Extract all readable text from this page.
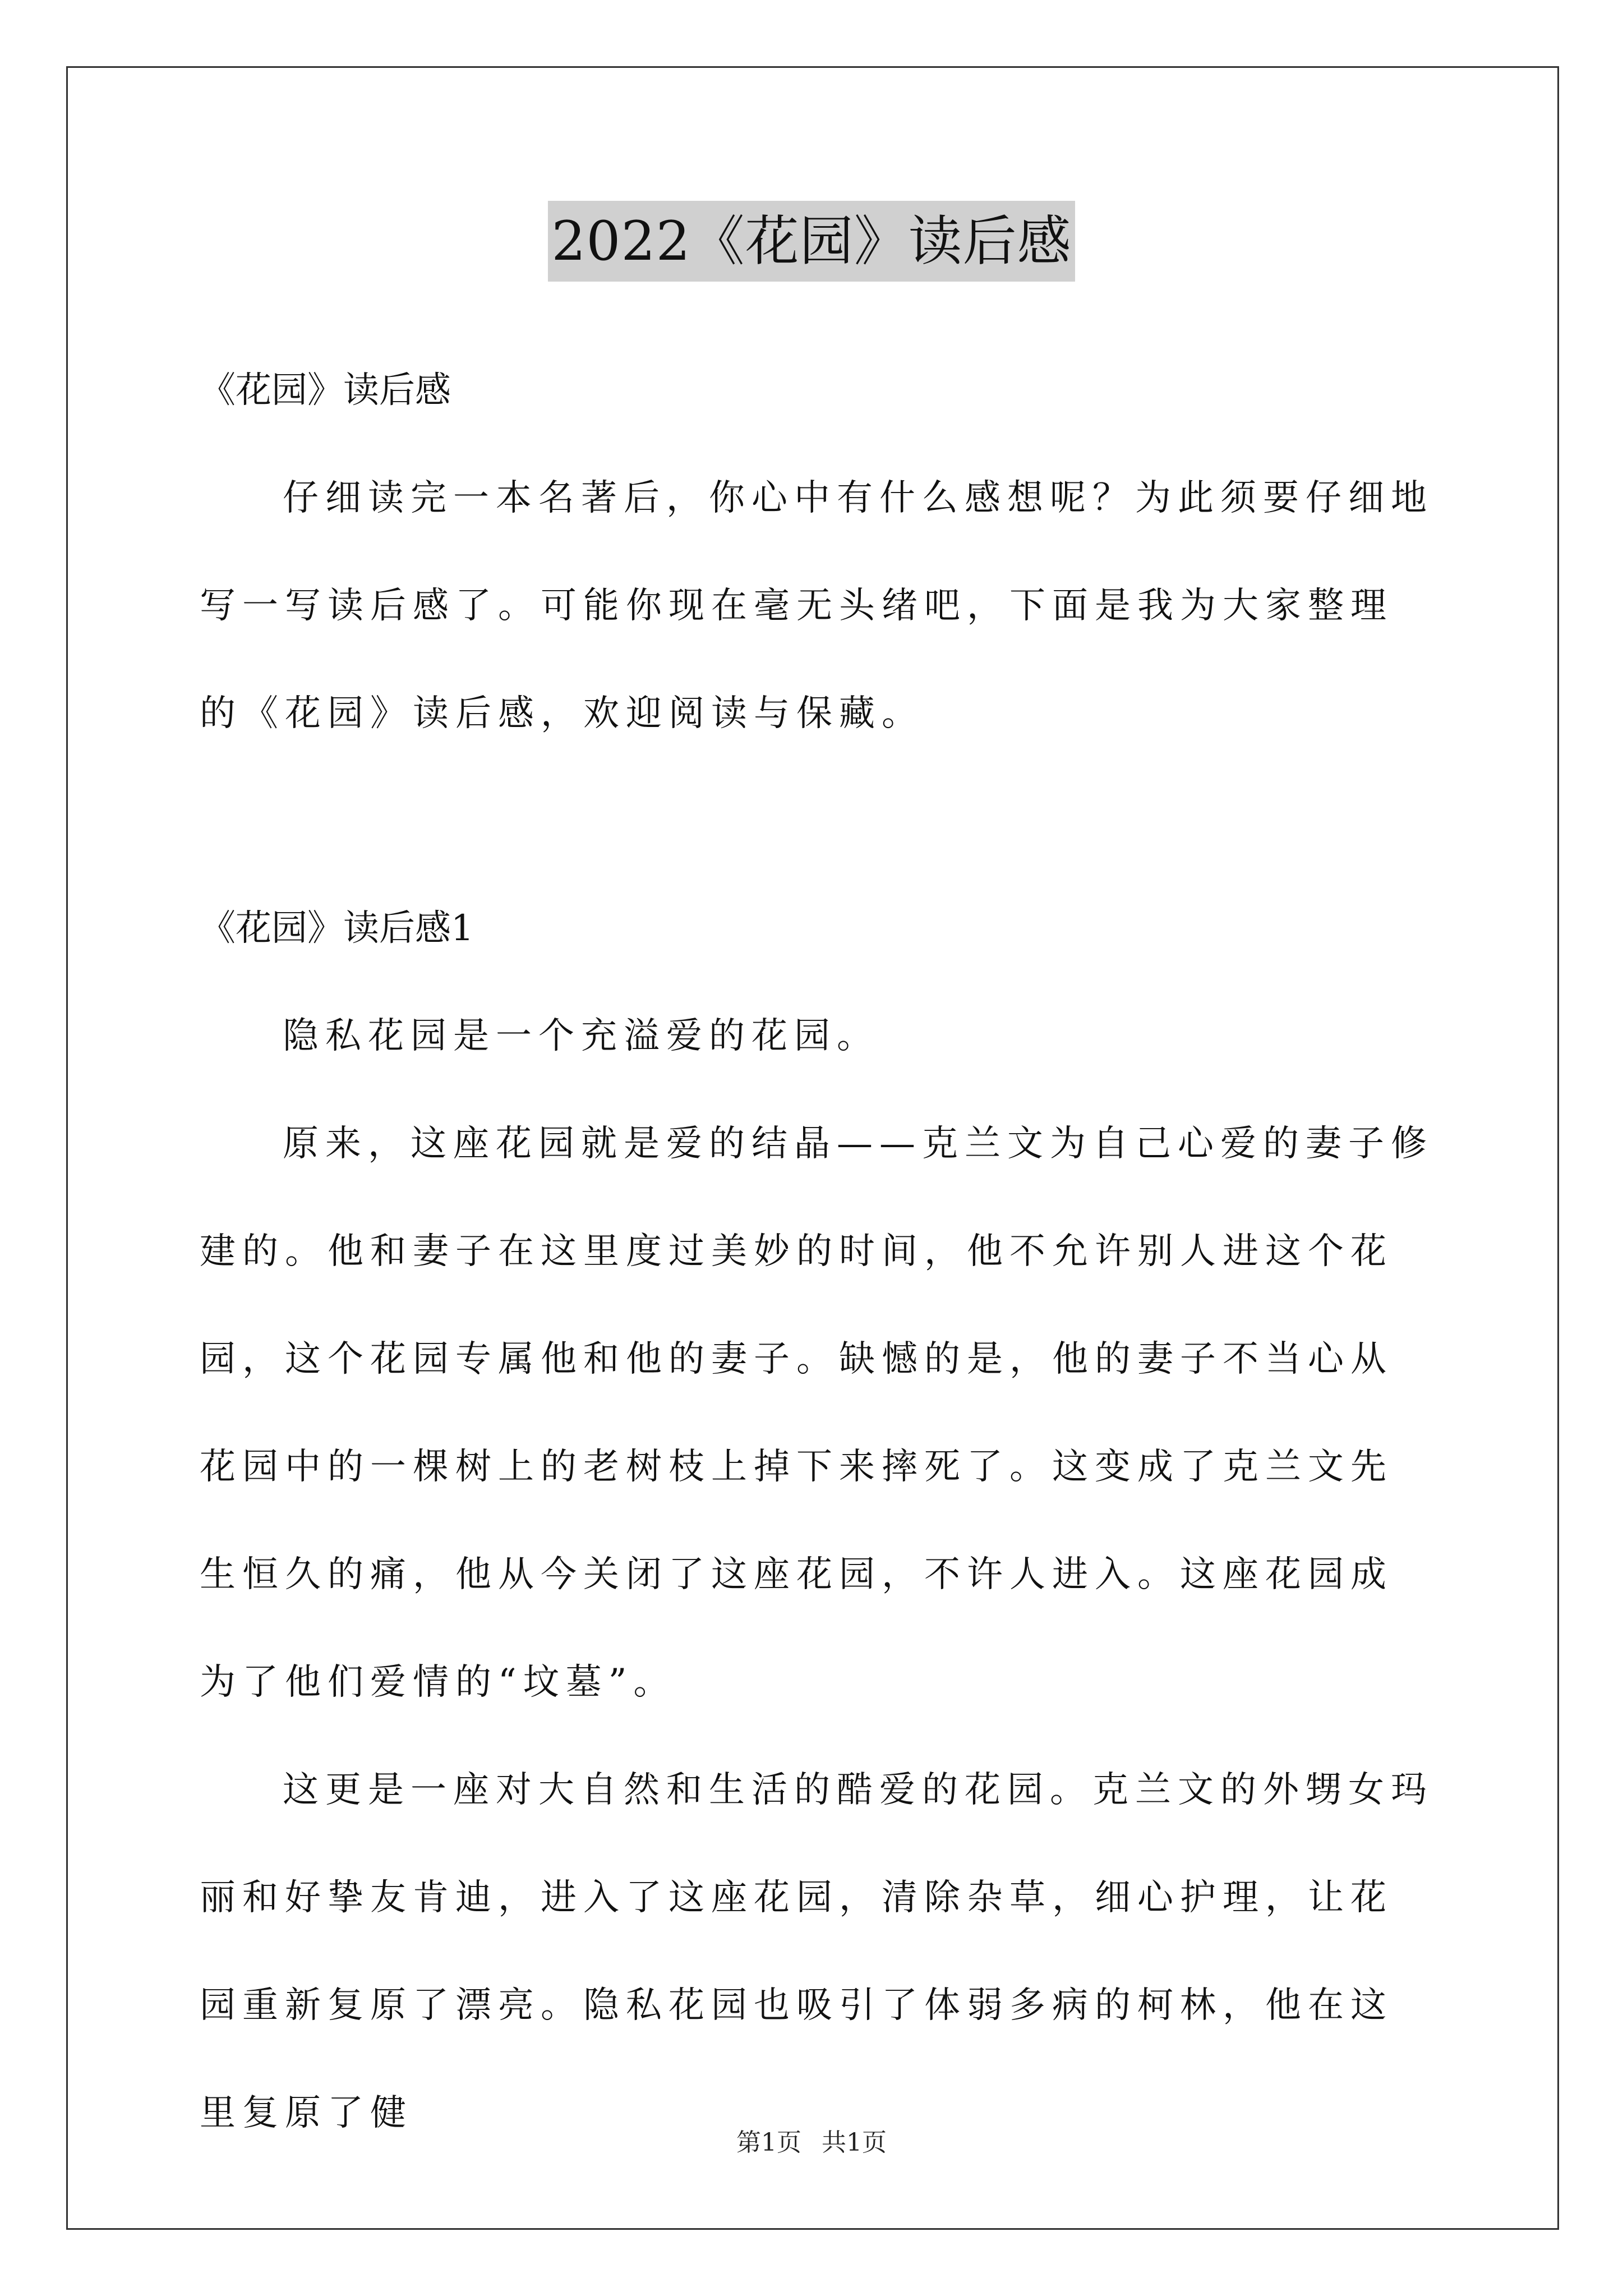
2022《花园》读后感

《花园》读后感

仔细读完一本名著后，你心中有什么感想呢？为此须要仔细地写一写读后感了。可能你现在毫无头绪吧，下面是我为大家整理的《花园》读后感，欢迎阅读与保藏。

《花园》读后感1

隐私花园是一个充溢爱的花园。

原来，这座花园就是爱的结晶——克兰文为自己心爱的妻子修建的。他和妻子在这里度过美妙的时间，他不允许别人进这个花园，这个花园专属他和他的妻子。缺憾的是，他的妻子不当心从花园中的一棵树上的老树枝上掉下来摔死了。这变成了克兰文先生恒久的痛，他从今关闭了这座花园，不许人进入。这座花园成为了他们爱情的“坟墓”。

这更是一座对大自然和生活的酷爱的花园。克兰文的外甥女玛丽和好挚友肯迪，进入了这座花园，清除杂草，细心护理，让花园重新复原了漂亮。隐私花园也吸引了体弱多病的柯林，他在这里复原了健

第1页 共1页
